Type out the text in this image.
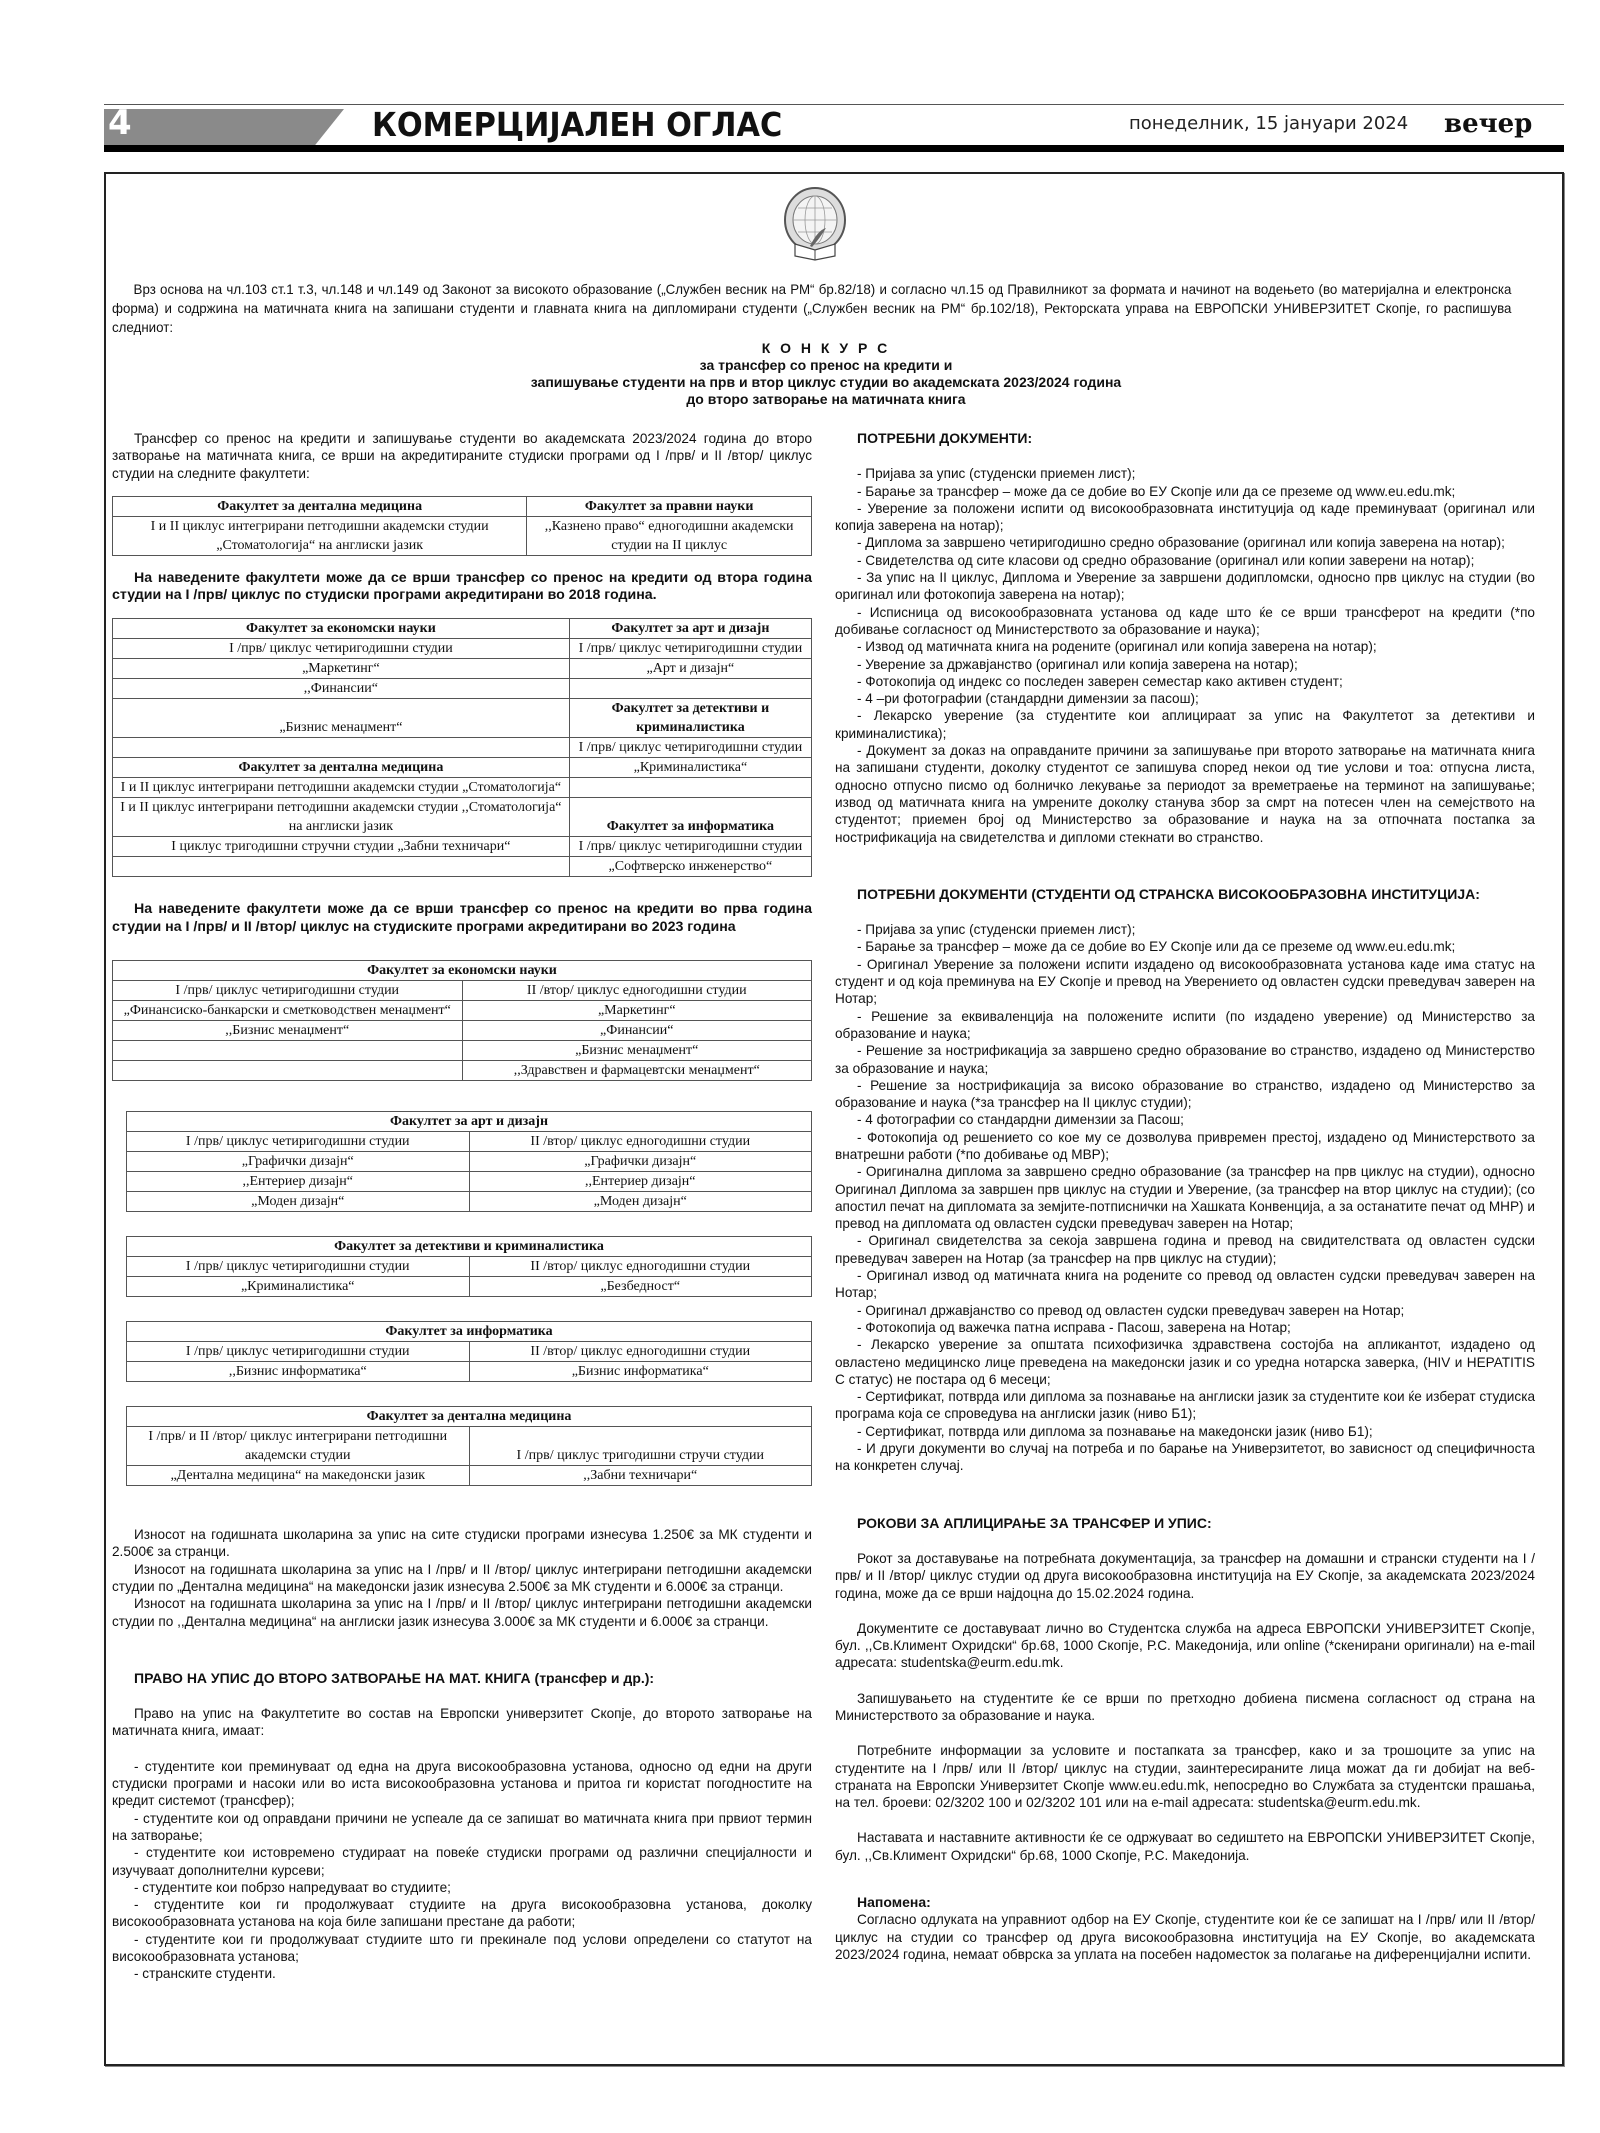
4	КОМЕРЦИЈАЛЕН ОГЛАС	понеделник, 15 јануари 2024 вечер

Врз основа на чл.103 ст.1 т.3, чл.148 и чл.149 од Законот за високото образование („Службен весник на РМ“ бр.82/18) и согласно чл.15 од Правилникот за формата и начинот на водењето (во материјална и електронска форма) и содржина на матичната книга на запишани студенти и главната книга на дипломирани студенти („Службен весник на РМ“ бр.102/18), Ректорската управа на ЕВРОПСКИ УНИВЕРЗИТЕТ Скопје, го распишува следниот:

К О Н К У Р С
за трансфер со пренос на кредити и
запишување студенти на прв и втор циклус студии во академската 2023/2024 година
до второ затворање на матичната книга

Трансфер со пренос на кредити и запишување студенти во академската 2023/2024 година до второ затворање на матичната книга, се врши на акредитираните студиски програми од I /прв/ и II /втор/ циклус студии на следните факултети:

Факултет за дентална медицина	Факултет за правни науки
I и II циклус интегрирани петгодишни академски студии „Стоматологија“ на англиски јазик	,,Казнено право“ едногодишни академски студии на II циклус

На наведените факултети може да се врши трансфер со пренос на кредити од втора година студии на I /прв/ циклус по студиски програми акредитирани во 2018 година.

Факултет за економски науки	Факултет за арт и дизајн
I /прв/ циклус четиригодишни студии	I /прв/ циклус четиригодишни студии
„Маркетинг“	„Арт и дизајн“
,,Финансии“	
„Бизнис менаџмент“	Факултет за детективи и криминалистика
	I /прв/ циклус четиригодишни студии
Факултет за дентална медицина	„Криминалистика“
I и II циклус интегрирани петгодишни академски студии „Стоматологија“	
I и II циклус интегрирани петгодишни академски студии ,,Стоматологија“ на англиски јазик	Факултет за информатика
I циклус тригодишни стручни студии „Забни техничари“	I /прв/ циклус четиригодишни студии
	„Софтверско инженерство“

На наведените факултети може да се врши трансфер со пренос на кредити во прва година студии на I /прв/ и II /втор/ циклус на студиските програми акредитирани во 2023 година

Факултет за економски науки	
I /прв/ циклус четиригодишни студии	II /втор/ циклус едногодишни студии
„Финансиско-банкарски и сметководствен менаџмент“	„Маркетинг“
,,Бизнис менаџмент“	„Финансии“
	„Бизнис менаџмент“
	,,Здравствен и фармацевтски менаџмент“
Факултет за арт и дизајн	
I /прв/ циклус четиригодишни студии	II /втор/ циклус едногодишни студии
„Графички дизајн“	„Графички дизајн“
,,Ентериер дизајн“	,,Ентериер дизајн“
„Моден дизајн“	„Моден дизајн“
Факултет за детективи и криминалистика	
I /прв/ циклус четиригодишни студии	II /втор/ циклус едногодишни студии
„Криминалистика“	„Безбедност“
Факултет за информатика	
I /прв/ циклус четиригодишни студии	II /втор/ циклус едногодишни студии
,,Бизнис информатика“	„Бизнис информатика“
Факултет за дентална медицина	
I /прв/ и II /втор/ циклус интегрирани петгодишни академски студии	I /прв/ циклус тригодишни стручи студии
„Дентална медицина“ на македонски јазик	,,Забни техничари“

Износот на годишната школарина за упис на сите студиски програми изнесува 1.250€ за МК студенти и 2.500€ за странци.

Износот на годишната школарина за упис на I /прв/ и II /втор/ циклус интегрирани петгодишни академски студии по „Дентална медицина“ на македонски јазик изнесува 2.500€ за МК студенти и 6.000€ за странци.

Износот на годишната школарина за упис на I /прв/ и II /втор/ циклус интегрирани петгодишни академски студии по ,,Дентална медицина“ на англиски јазик изнесува 3.000€ за МК студенти и 6.000€ за странци.

ПРАВО НА УПИС ДО ВТОРО ЗАТВОРАЊЕ НА МАТ. КНИГА (трансфер и др.):

Право на упис на Факултетите во состав на Европски универзитет Скопје, до второто затворање на матичната книга, имаат:

- студентите кои преминуваат од една на друга високообразовна установа, односно од едни на други студиски програми и насоки или во иста високообразовна установа и притоа ги користат погодностите на кредит системот (трансфер);

- студентите кои од оправдани причини не успеале да се запишат во матичната книга при првиот термин на затворање;

- студентите кои истовремено студираат на повеќе студиски програми од различни специјалности и изучуваат дополнителни курсеви;

- студентите кои побрзо напредуваат во студиите;

- студентите кои ги продолжуваат студиите на друга високообразовна установа, доколку високообразовната установа на која биле запишани престане да работи;

- студентите кои ги продолжуваат студиите што ги прекинале под услови определени со статутот на високообразовната установа;

- странските студенти.

ПОТРЕБНИ ДОКУМЕНТИ:

- Пријава за упис (студенски приемен лист);

- Барање за трансфер – може да се добие во ЕУ Скопје или да се преземе од www.eu.edu.mk;

- Уверение за положени испити од високообразовната институција од каде преминуваат (оригинал или копија заверена на нотар);

- Диплома за завршено четиригодишно средно образование (оригинал или копија заверена на нотар);

- Свидетелства од сите класови од средно образование (оригинал или копии заверени на нотар);

- За упис на II циклус, Диплома и Уверение за завршени додипломски, односно прв циклус на студии (во оригинал или фотокопија заверена на нотар);

- Исписница од високообразовната установа од каде што ќе се врши трансферот на кредити (*по добивање согласност од Министерството за образование и наука);

- Извод од матичната книга на родените (оригинал или копија заверена на нотар);

- Уверение за државјанство (оригинал или копија заверена на нотар);

- Фотокопија од индекс со последен заверен семестар како активен студент;

- 4 –ри фотографии (стандардни димензии за пасош);

- Лекарско уверение (за студентите кои аплицираат за упис на Факултетот за детективи и криминалистика);

- Документ за доказ на оправданите причини за запишување при второто затворање на матичната книга на запишани студенти, доколку студентот се запишува според некои од тие услови и тоа: отпусна листа, односно отпусно писмо од болничко лекување за периодот за времетраење на терминот на запишување; извод од матичната книга на умрените доколку станува збор за смрт на потесен член на семејството на студентот; приемен број од Министерство за образование и наука на за отпочната постапка за нострификација на свидетелства и дипломи стекнати во странство.

ПОТРЕБНИ ДОКУМЕНТИ (СТУДЕНТИ ОД СТРАНСКА ВИСОКООБРАЗОВНА ИНСТИТУЦИЈА:

- Пријава за упис (студенски приемен лист);

- Барање за трансфер – може да се добие во ЕУ Скопје или да се преземе од www.eu.edu.mk;

- Оригинал Уверение за положени испити издадено од високообразовната установа каде има статус на студент и од која преминува на ЕУ Скопје и превод на Уверението од овластен судски преведувач заверен на Нотар;

- Решение за еквиваленција на положените испити (по издадено уверение) од Министерство за образование и наука;

- Решение за нострификација за завршено средно образование во странство, издадено од Министерство за образование и наука;

- Решение за нострификација за високо образование во странство, издадено од Министерство за образование и наука (*за трансфер на II циклус студии);

- 4 фотографии со стандардни димензии за Пасош;

- Фотокопија од решението со кое му се дозволува привремен престој, издадено од Министерството за внатрешни работи (*по добивање од МВР);

- Оригинална диплома за завршено средно образование (за трансфер на прв циклус на студии), односно Оригинал Диплома за завршен прв циклус на студии и Уверение, (за трансфер на втор циклус на студии); (со апостил печат на дипломата за земјите-потписнички на Хашката Конвенција, а за останатите печат од МНР) и превод на дипломата од овластен судски преведувач заверен на Нотар;

- Оригинал свидетелства за секоја завршена година и превод на свидителствата од овластен судски преведувач заверен на Нотар (за трансфер на прв циклус на студии);

- Оригинал извод од матичната книга на родените со превод од овластен судски преведувач заверен на Нотар;

- Оригинал државјанство со превод од овластен судски преведувач заверен на Нотар;

- Фотокопија од важечка патна исправа - Пасош, заверена на Нотар;

- Лекарско уверение за општата психофизичка здравствена состојба на апликантот, издадено од овластено медицинско лице преведена на македонски јазик и со уредна нотарска заверка, (HIV и HEPATITIS C статус) не постара од 6 месеци;

- Сертификат, потврда или диплома за познавање на англиски јазик за студентите кои ќе изберат студиска програма која се спроведува на англиски јазик (ниво Б1);

- Сертификат, потврда или диплома за познавање на македонски јазик (ниво Б1);

- И други документи во случај на потреба и по барање на Универзитетот, во зависност од специфичноста на конкретен случај.

РОКОВИ ЗА АПЛИЦИРАЊЕ ЗА ТРАНСФЕР И УПИС:

Рокот за доставување на потребната документација, за трансфер на домашни и странски студенти на I /прв/ и II /втор/ циклус студии од друга високообразовна институција на ЕУ Скопје, за академската 2023/2024 година, може да се врши најдоцна до 15.02.2024 година.

Документите се доставуваат лично во Студентска служба на адреса ЕВРОПСКИ УНИВЕРЗИТЕТ Скопје, бул. ,,Св.Климент Охридски“ бр.68, 1000 Скопје, Р.С. Македонија, или online (*скенирани оригинали) на e-mail адресата: studentska@eurm.edu.mk.

Запишувањето на студентите ќе се врши по претходно добиена писмена согласност од страна на Министерството за образование и наука.

Потребните информации за условите и постапката за трансфер, како и за трошоците за упис на студентите на I /прв/ или II /втор/ циклус на студии, заинтересираните лица можат да ги добијат на веб-страната на Европски Универзитет Скопје www.eu.edu.mk, непосредно во Службата за студентски прашања, на тел. броеви: 02/3202 100 и 02/3202 101 или на e-mail адресата: studentska@eurm.edu.mk.

Наставата и наставните активности ќе се одржуваат во седиштето на ЕВРОПСКИ УНИВЕРЗИТЕТ Скопје, бул. ,,Св.Климент Охридски“ бр.68, 1000 Скопје, Р.С. Македонија.

Напомена:

Согласно одлуката на управниот одбор на ЕУ Скопје, студентите кои ќе се запишат на I /прв/ или II /втор/ циклус на студии со трансфер од друга високообразовна институција на ЕУ Скопје, во академската 2023/2024 година, немаат обврска за уплата на посебен надоместок за полагање на диференцијални испити.
